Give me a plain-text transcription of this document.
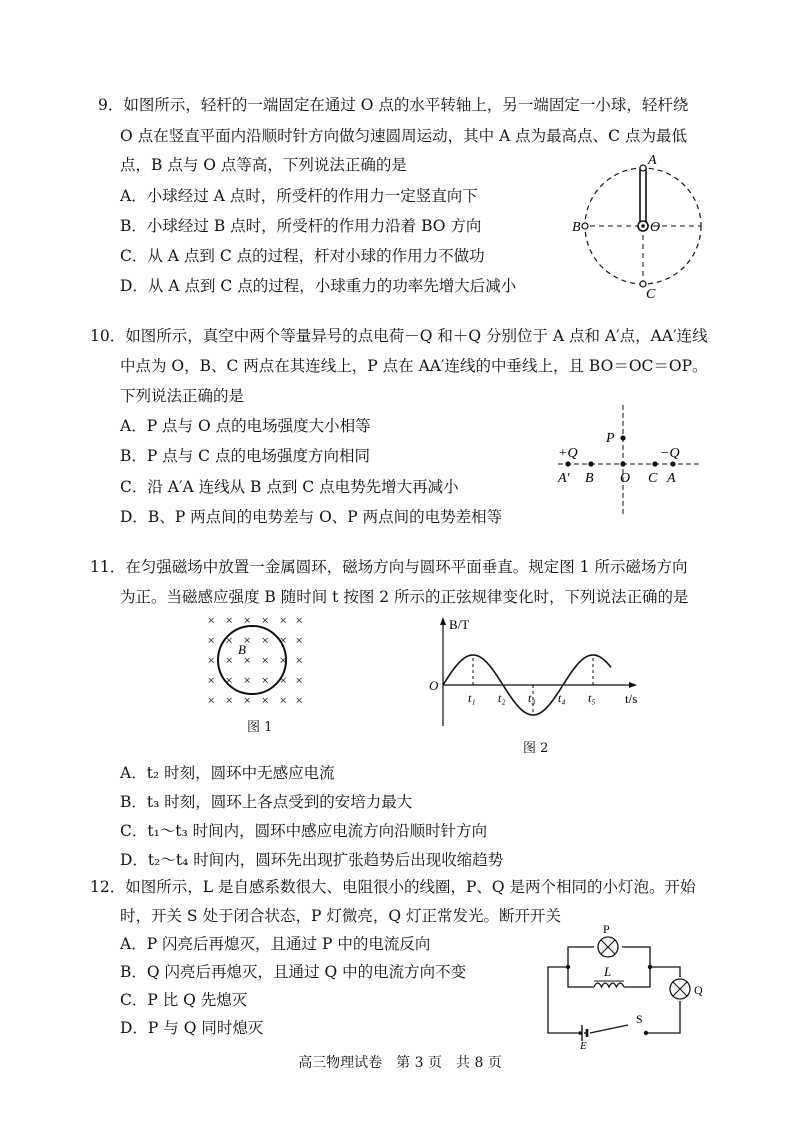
9．如图所示，轻杆的一端固定在通过 O 点的水平转轴上，另一端固定一小球，轻杆绕
O 点在竖直平面内沿顺时针方向做匀速圆周运动，其中 A 点为最高点、C 点为最低
点，B 点与 O 点等高，下列说法正确的是
A．小球经过 A 点时，所受杆的作用力一定竖直向下
B．小球经过 B 点时，所受杆的作用力沿着 BO 方向
C．从 A 点到 C 点的过程，杆对小球的作用力不做功
D．从 A 点到 C 点的过程，小球重力的功率先增大后减小
A
B	O
C
10．如图所示，真空中两个等量异号的点电荷－Q 和＋Q 分别位于 A 点和 A′点，AA′连线
中点为 O，B、C 两点在其连线上，P 点在 AA′连线的中垂线上，且 BO＝OC＝OP。
下列说法正确的是
A．P 点与 O 点的电场强度大小相等
B．P 点与 C 点的电场强度方向相同
C．沿 A′A 连线从 B 点到 C 点电势先增大再减小
D．B、P 两点间的电势差与 O、P 两点间的电势差相等
P
+Q	−Q
A′ B O C A
11．在匀强磁场中放置一金属圆环，磁场方向与圆环平面垂直。规定图 1 所示磁场方向
为正。当磁感应强度 B 随时间 t 按图 2 所示的正弦规律变化时，下列说法正确的是
× × × × × ×
× × × × × ×
× × × × × ×
× × × × × ×
× × × × × ×
B
图 1
t₁ t₂ t₃ t₄ t₅
B/T
O
t/s
图 2
A．t₂ 时刻，圆环中无感应电流
B．t₃ 时刻，圆环上各点受到的安培力最大
C．t₁～t₃ 时间内，圆环中感应电流方向沿顺时针方向
D．t₂～t₄ 时间内，圆环先出现扩张趋势后出现收缩趋势
12．如图所示，L 是自感系数很大、电阻很小的线圈，P、Q 是两个相同的小灯泡。开始
时，开关 S 处于闭合状态，P 灯微亮，Q 灯正常发光。断开开关
A．P 闪亮后再熄灭，且通过 P 中的电流反向
B．Q 闪亮后再熄灭，且通过 Q 中的电流方向不变
C．P 比 Q 先熄灭
D．P 与 Q 同时熄灭
P
L
Q
S
E
高三物理试卷　第 3 页　共 8 页
